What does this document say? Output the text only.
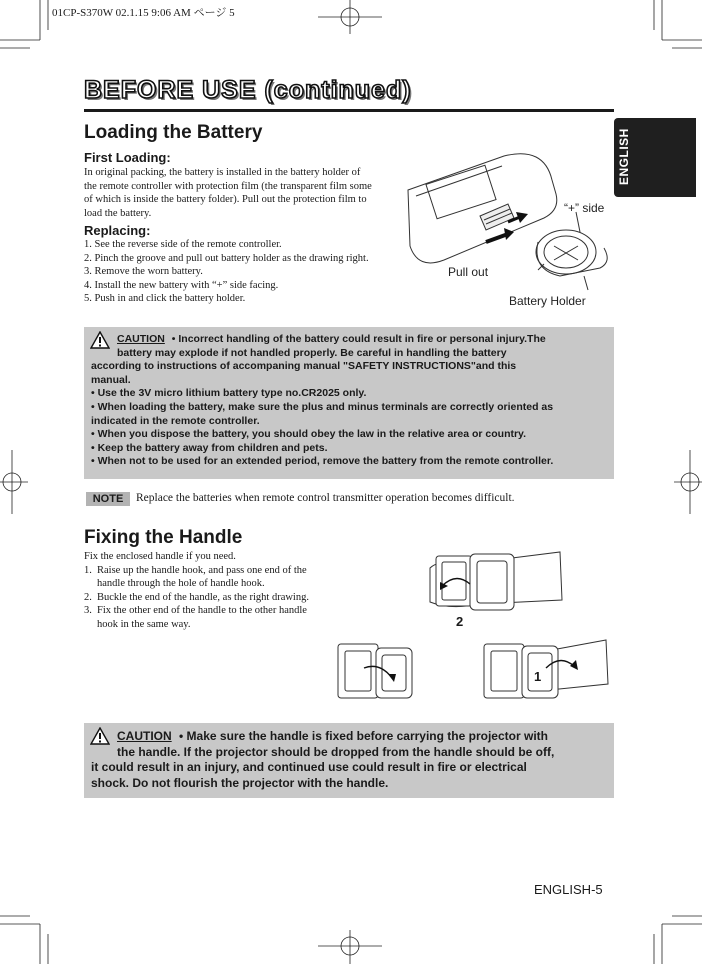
01CP-S370W 02.1.15 9:06 AM ページ 5
BEFORE USE (continued)
ENGLISH
Loading the Battery
First Loading:
In original packing, the battery is installed in the battery holder of
the remote controller with protection film (the transparent film some
of which is inside the battery folder). Pull out the protection film to
load the battery.
Replacing:
1. See the reverse side of the remote controller.
2. Pinch the groove and pull out battery holder as the drawing right.
3. Remove the worn battery.
4. Install the new battery with “+” side facing.
5. Push in and click the battery holder.
“+” side
Pull out
Battery Holder
CAUTION • Incorrect handling of the battery could result in fire or personal injury.The
battery may explode if not handled properly. Be careful in handling the battery
according to instructions of accompaning manual "SAFETY INSTRUCTIONS"and this
manual.
• Use the 3V micro lithium battery type no.CR2025 only.
• When loading the battery, make sure the plus and minus terminals are correctly oriented as
indicated in the remote controller.
• When you dispose the battery, you should obey the law in the relative area or country.
• Keep the battery away from children and pets.
• When not to be used for an extended period, remove the battery from the remote controller.
NOTE	Replace the batteries when remote control transmitter operation becomes difficult.
Fixing the Handle
Fix the enclosed handle if you need.
1. Raise up the handle hook, and pass one end of the
handle through the hole of handle hook.
2. Buckle the end of the handle, as the right drawing.
3. Fix the other end of the handle to the other handle
hook in the same way.	2
1
CAUTION • Make sure the handle is fixed before carrying the projector with
the handle. If the projector should be dropped from the handle should be off,
it could result in an injury, and continued use could result in fire or electrical
shock. Do not flourish the projector with the handle.
ENGLISH-5
